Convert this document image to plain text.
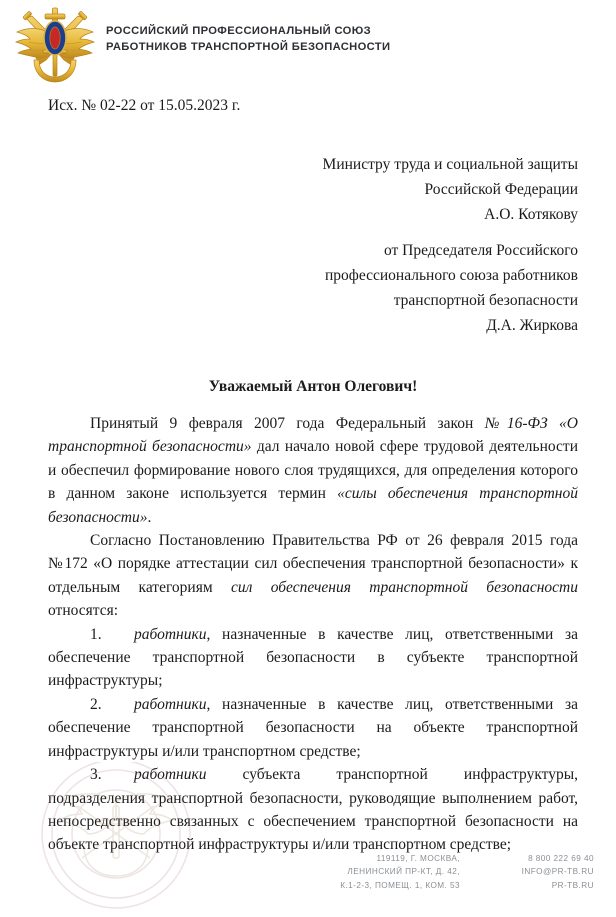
РОССИЙСКИЙ ПРОФЕССИОНАЛЬНЫЙ СОЮЗ
РАБОТНИКОВ ТРАНСПОРТНОЙ БЕЗОПАСНОСТИ
Исх. № 02-22 от 15.05.2023 г.
Министру труда и социальной защиты
Российской Федерации
А.О. Котякову
от Председателя Российского
профессионального союза работников
транспортной безопасности
Д.А. Жиркова
Уважаемый Антон Олегович!

Принятый 9 февраля 2007 года Федеральный закон №16-ФЗ «О транспортной безопасности» дал начало новой сфере трудовой деятельности и обеспечил формирование нового слоя трудящихся, для определения которого в данном законе используется термин «силы обеспечения транспортной безопасности».

Согласно Постановлению Правительства РФ от 26 февраля 2015 года №172 «О порядке аттестации сил обеспечения транспортной безопасности» к отдельным категориям сил обеспечения транспортной безопасности относятся:

1. работники, назначенные в качестве лиц, ответственными за обеспечение транспортной безопасности в субъекте транспортной инфраструктуры;

2. работники, назначенные в качестве лиц, ответственными за обеспечение транспортной безопасности на объекте транспортной инфраструктуры и/или транспортном средстве;

3. работники субъекта транспортной инфраструктуры, подразделения транспортной безопасности, руководящие выполнением работ, непосредственно связанных с обеспечением транспортной безопасности на объекте транспортной инфраструктуры и/или транспортном средстве;

119119, Г. МОСКВА,
ЛЕНИНСКИЙ ПР-КТ, Д. 42,
К.1-2-3, ПОМЕЩ. 1, КОМ. 53
8 800 222 69 40
INFO@PR-TB.RU
PR-TB.RU
